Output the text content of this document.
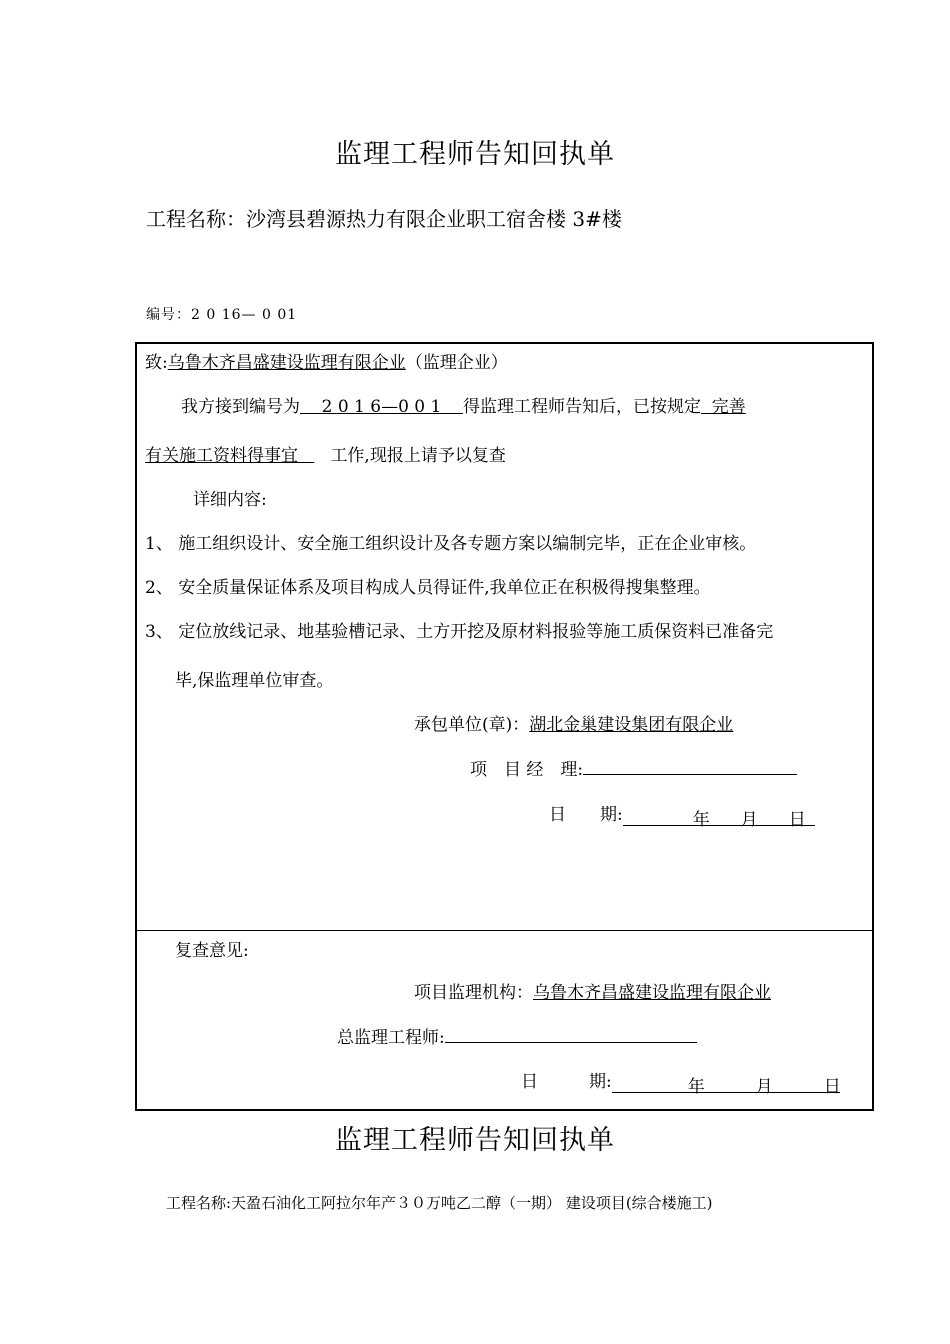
监理工程师告知回执单
工程名称：沙湾县碧源热力有限企业职工宿舍楼 3#楼
编号：2 0 16— 0 01
致:乌鲁木齐昌盛建设监理有限企业（监理企业）
我方接到编号为    2 0 1 6—0 0 1    得监理工程师告知后，已按规定  完善
有关施工资料得事宜      工作,现报上请予以复查
详细内容:
1、 施工组织设计、安全施工组织设计及各专题方案以编制完毕，正在企业审核。
2、 安全质量保证体系及项目构成人员得证件,我单位正在积极得搜集整理。
3、 定位放线记录、地基验槽记录、土方开挖及原材料报验等施工质保资料已准备完
毕,保监理单位审查。
承包单位(章)：湖北金巢建设集团有限企业
项　目 经　理:
日　　期:	年 月 日

复查意见:
项目监理机构：乌鲁木齐昌盛建设监理有限企业
总监理工程师:
日　　　期:	年	月	日

监理工程师告知回执单
工程名称:天盈石油化工阿拉尔年产３０万吨乙二醇（一期） 建设项目(综合楼施工)
